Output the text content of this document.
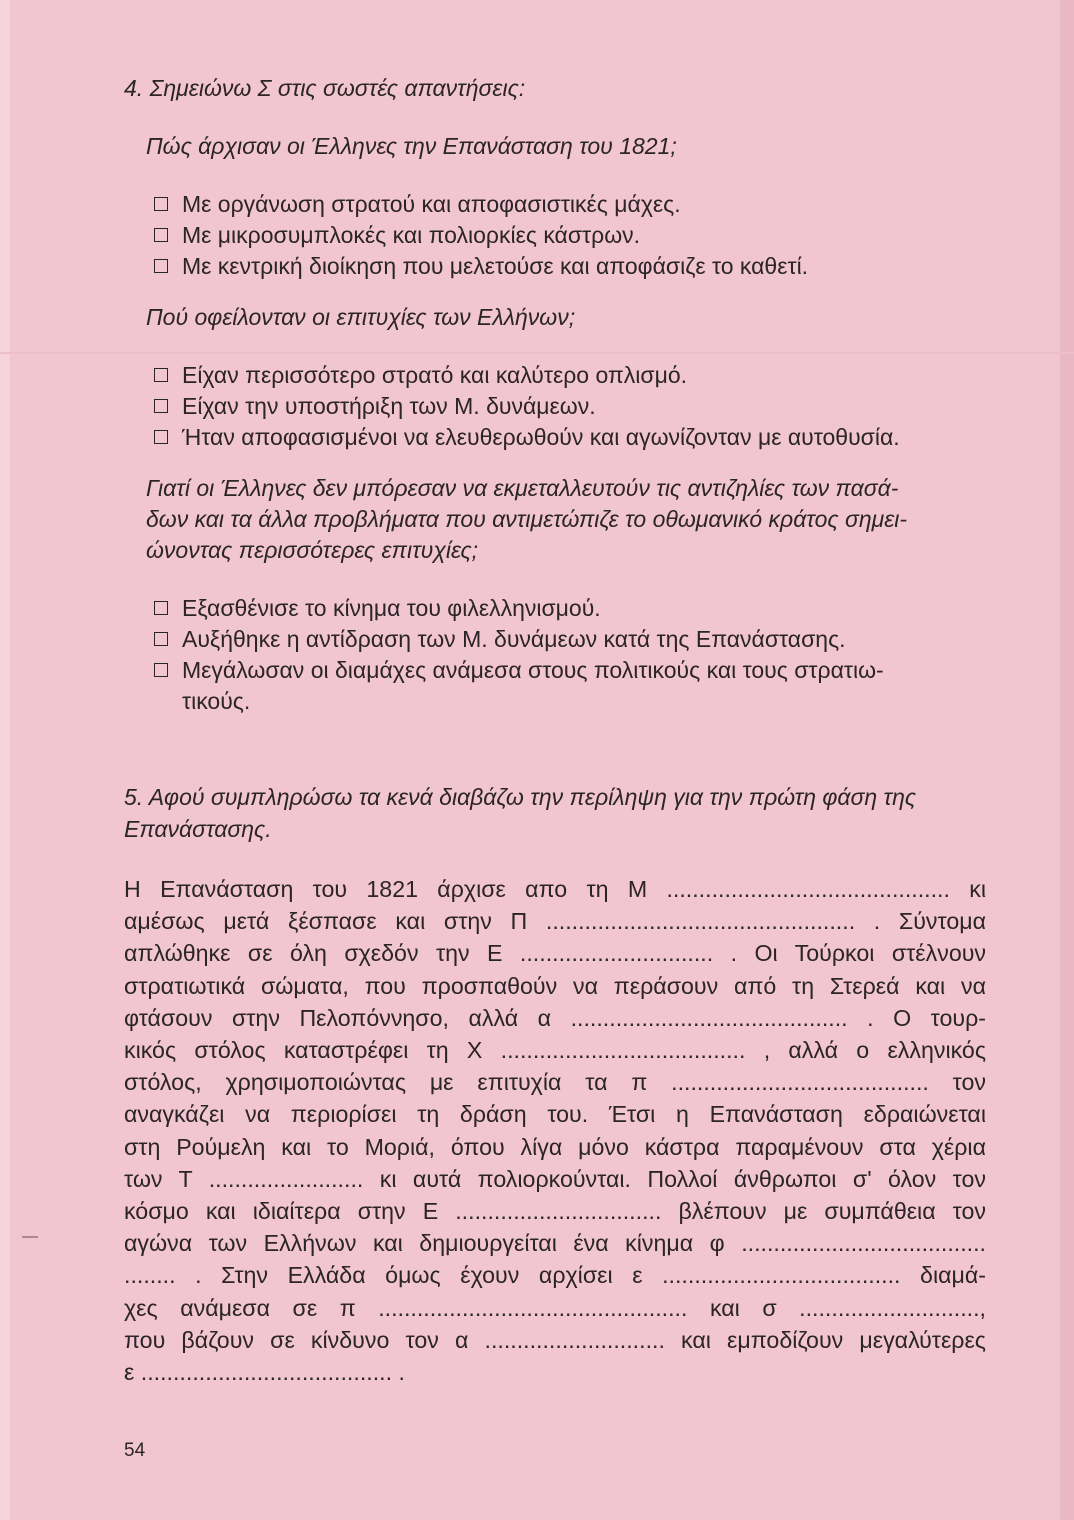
4. Σημειώνω Σ στις σωστές απαντήσεις:

Πώς άρχισαν οι Έλληνες την Επανάσταση του 1821;

Με οργάνωση στρατού και αποφασιστικές μάχες.
Με μικροσυμπλοκές και πολιορκίες κάστρων.
Με κεντρική διοίκηση που μελετούσε και αποφάσιζε το καθετί.

Πού οφείλονταν οι επιτυχίες των Ελλήνων;

Είχαν περισσότερο στρατό και καλύτερο οπλισμό.
Είχαν την υποστήριξη των Μ. δυνάμεων.
Ήταν αποφασισμένοι να ελευθερωθούν και αγωνίζονταν με αυτοθυσία.
Γιατί οι Έλληνες δεν μπόρεσαν να εκμεταλλευτούν τις αντιζηλίες των πασά-
δων και τα άλλα προβλήματα που αντιμετώπιζε το οθωμανικό κράτος σημει-
ώνοντας περισσότερες επιτυχίες;
Εξασθένισε το κίνημα του φιλελληνισμού.
Αυξήθηκε η αντίδραση των Μ. δυνάμεων κατά της Επανάστασης.
Μεγάλωσαν οι διαμάχες ανάμεσα στους πολιτικούς και τους στρατιω-
τικούς.
5. Αφού συμπληρώσω τα κενά διαβάζω την περίληψη για την πρώτη φάση της
Επανάστασης.
Η Επανάσταση του 1821 άρχισε απο τη Μ ............................................ κι
αμέσως μετά ξέσπασε και στην Π ................................................ . Σύντομα
απλώθηκε σε όλη σχεδόν την Ε .............................. . Οι Τούρκοι στέλνουν
στρατιωτικά σώματα, που προσπαθούν να περάσουν από τη Στερεά και να
φτάσουν στην Πελοπόννησο, αλλά α ........................................... . Ο τουρ-
κικός στόλος καταστρέφει τη Χ ...................................... , αλλά ο ελληνικός
στόλος, χρησιμοποιώντας με επιτυχία τα π ........................................ τον
αναγκάζει να περιορίσει τη δράση του. Έτσι η Επανάσταση εδραιώνεται
στη Ρούμελη και το Μοριά, όπου λίγα μόνο κάστρα παραμένουν στα χέρια
των Τ ........................ κι αυτά πολιορκούνται. Πολλοί άνθρωποι σ' όλον τον
κόσμο και ιδιαίτερα στην Ε ................................ βλέπουν με συμπάθεια τον
αγώνα των Ελλήνων και δημιουργείται ένα κίνημα φ ......................................
........ . Στην Ελλάδα όμως έχουν αρχίσει ε ..................................... διαμά-
χες ανάμεσα σε π ................................................ και σ ............................,
που βάζουν σε κίνδυνο τον α ............................ και εμποδίζουν μεγαλύτερες
ε ....................................... .
54
